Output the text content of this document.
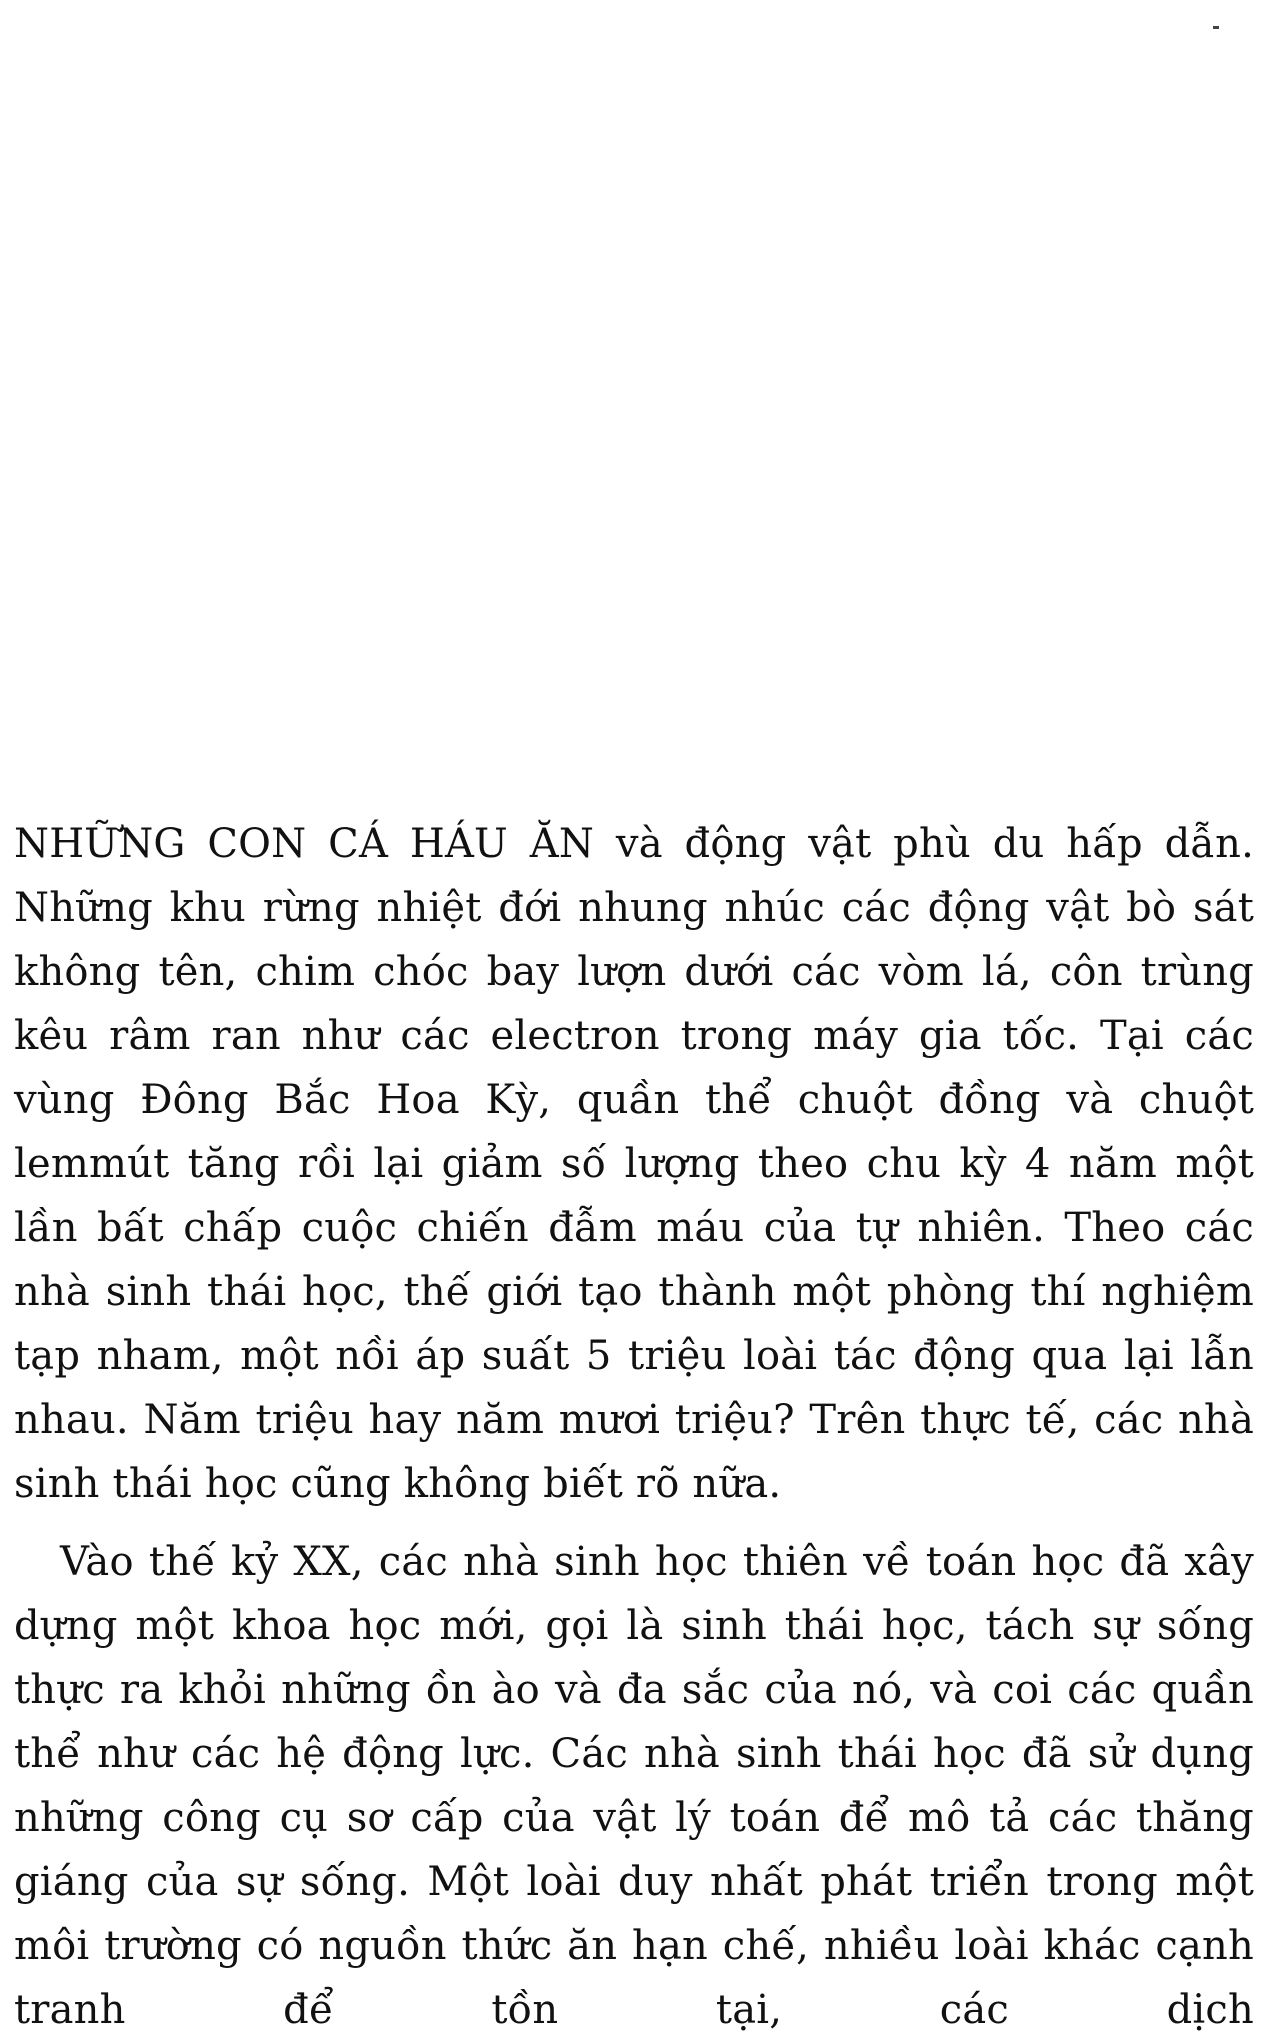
NHỮNG CON CÁ HÁU ĂN và động vật phù du hấp dẫn. Những khu rừng nhiệt đới nhung nhúc các động vật bò sát không tên, chim chóc bay lượn dưới các vòm lá, côn trùng kêu râm ran như các electron trong máy gia tốc. Tại các vùng Đông Bắc Hoa Kỳ, quần thể chuột đồng và chuột lemmút tăng rồi lại giảm số lượng theo chu kỳ 4 năm một lần bất chấp cuộc chiến đẫm máu của tự nhiên. Theo các nhà sinh thái học, thế giới tạo thành một phòng thí nghiệm tạp nham, một nồi áp suất 5 triệu loài tác động qua lại lẫn nhau. Năm triệu hay năm mươi triệu? Trên thực tế, các nhà sinh thái học cũng không biết rõ nữa.

Vào thế kỷ XX, các nhà sinh học thiên về toán học đã xây dựng một khoa học mới, gọi là sinh thái học, tách sự sống thực ra khỏi những ồn ào và đa sắc của nó, và coi các quần thể như các hệ động lực. Các nhà sinh thái học đã sử dụng những công cụ sơ cấp của vật lý toán để mô tả các thăng giáng của sự sống. Một loài duy nhất phát triển trong một môi trường có nguồn thức ăn hạn chế, nhiều loài khác cạnh tranh để tồn tại, các dịch
